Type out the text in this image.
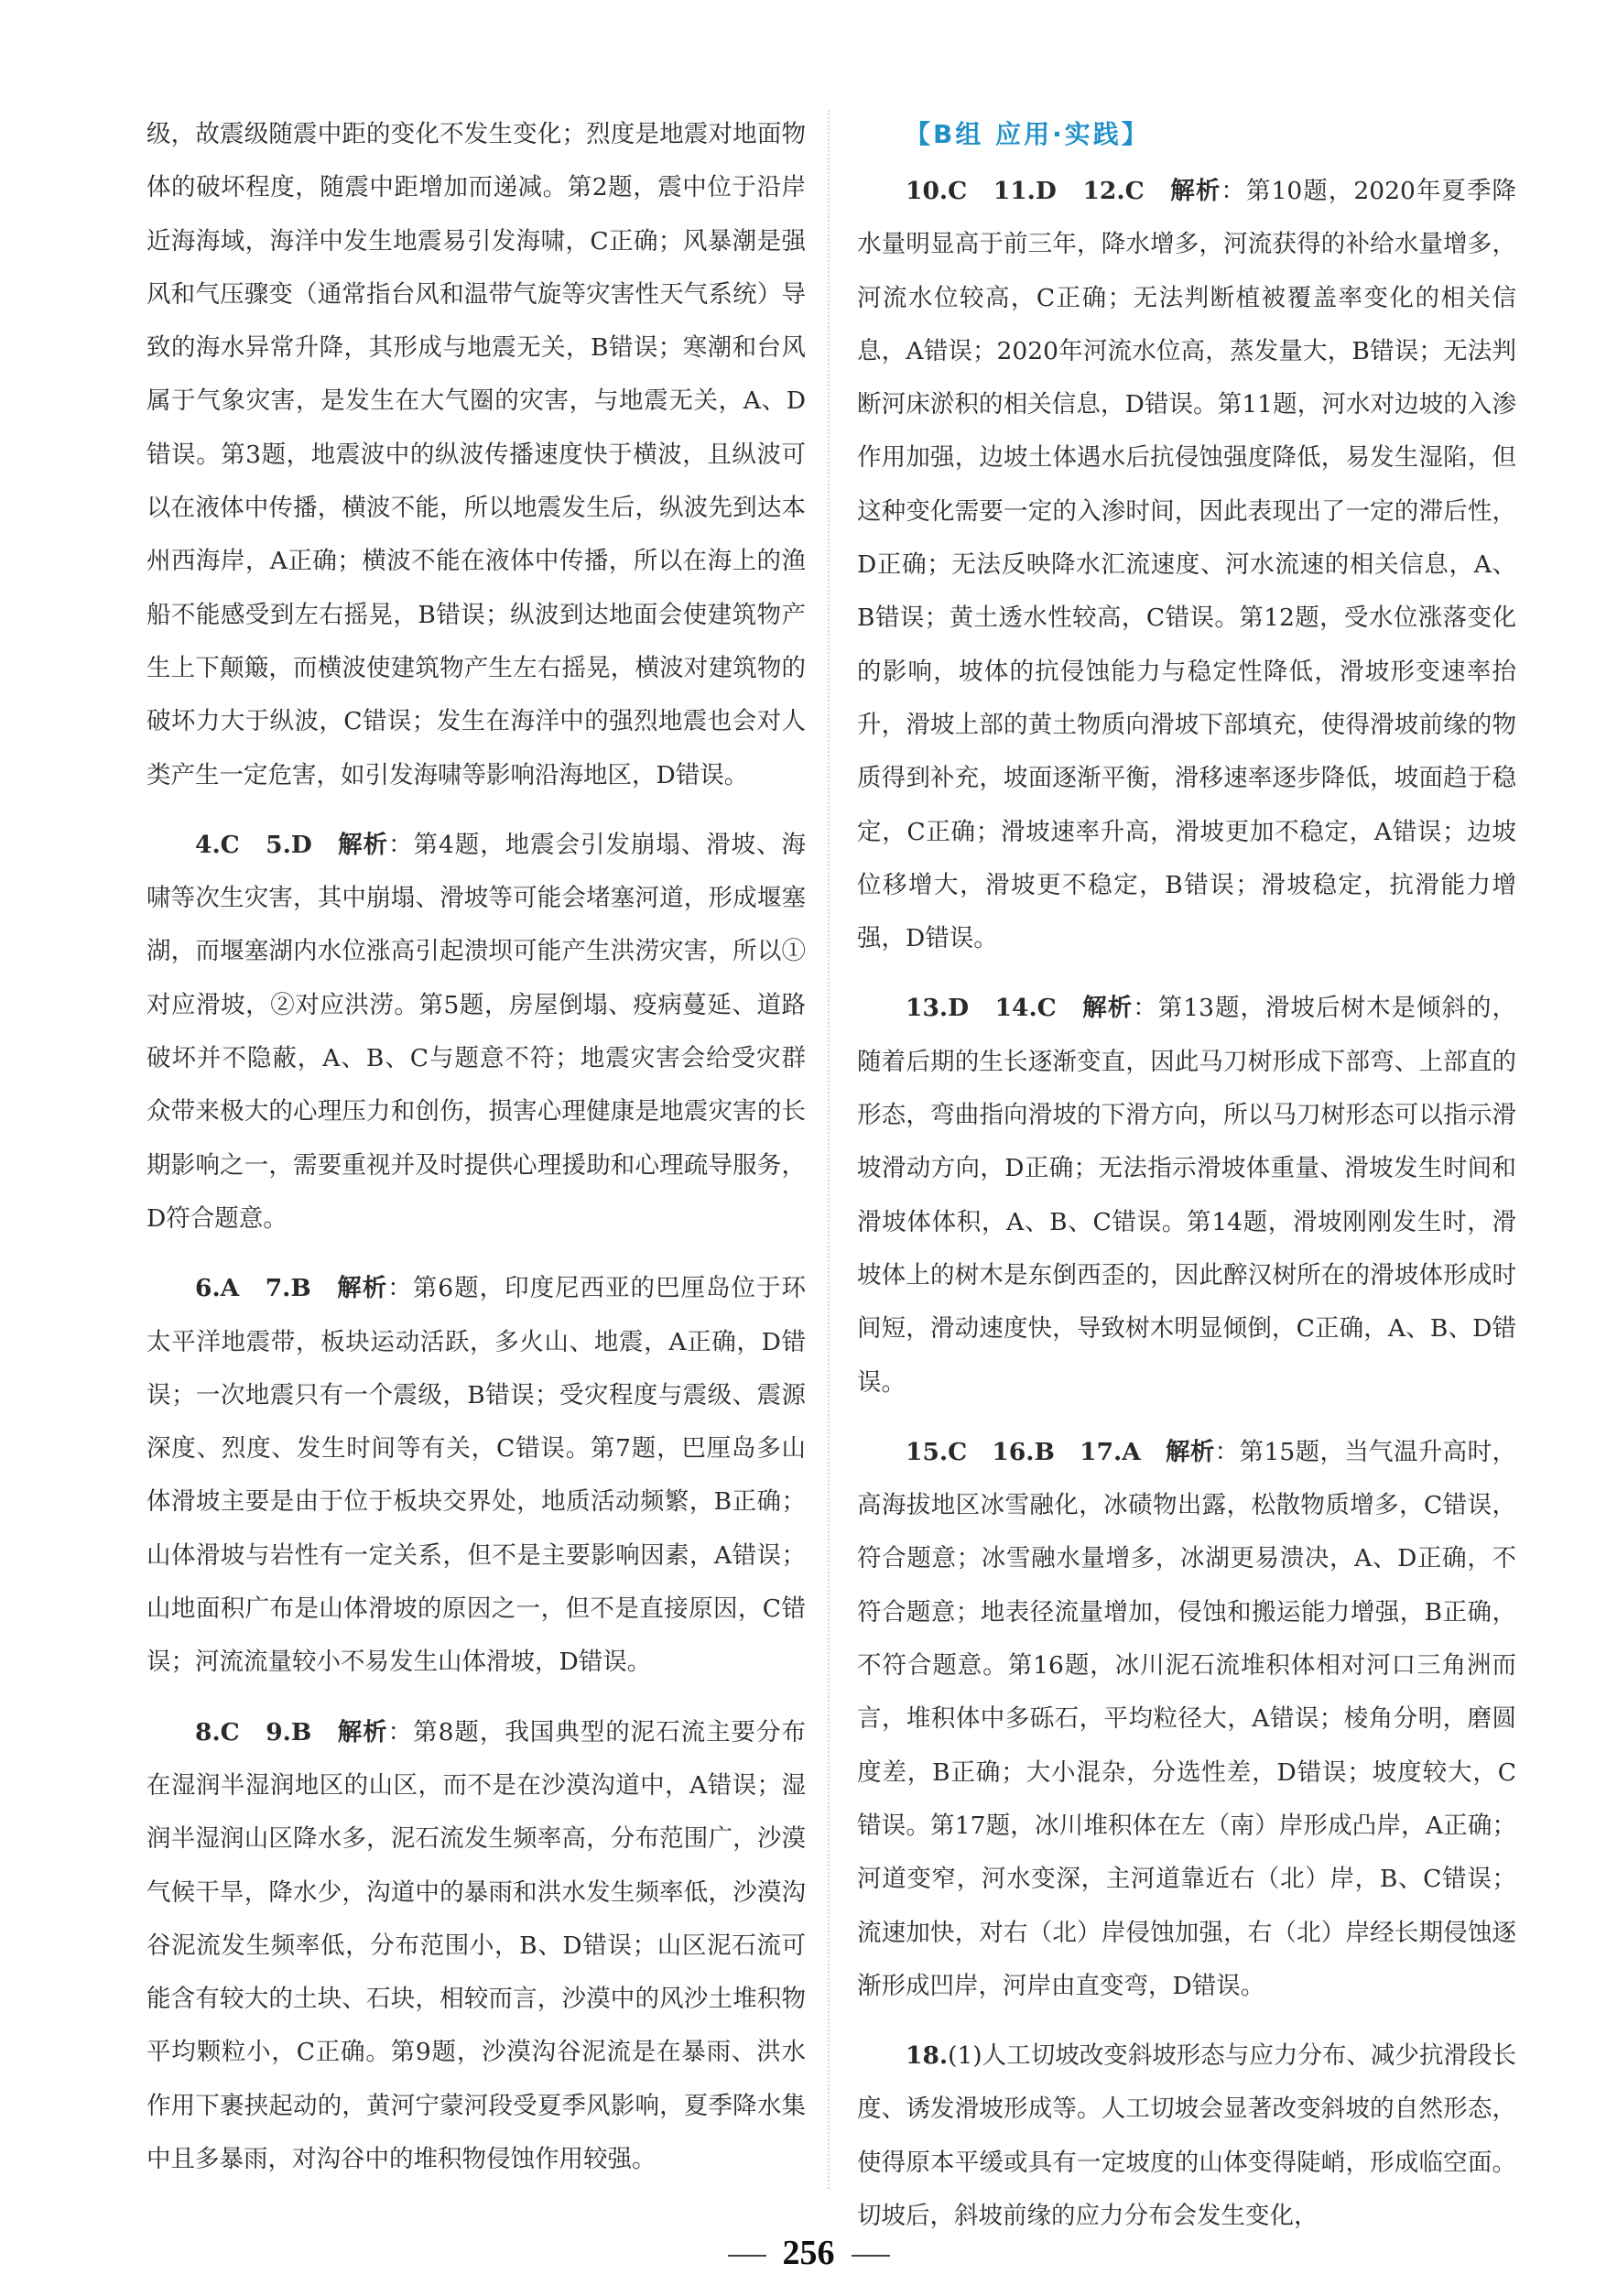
级，故震级随震中距的变化不发生变化；烈度是地震对地面物体的破坏程度，随震中距增加而递减。第2题，震中位于沿岸近海海域，海洋中发生地震易引发海啸，C正确；风暴潮是强风和气压骤变（通常指台风和温带气旋等灾害性天气系统）导致的海水异常升降，其形成与地震无关，B错误；寒潮和台风属于气象灾害，是发生在大气圈的灾害，与地震无关，A、D错误。第3题，地震波中的纵波传播速度快于横波，且纵波可以在液体中传播，横波不能，所以地震发生后，纵波先到达本州西海岸，A正确；横波不能在液体中传播，所以在海上的渔船不能感受到左右摇晃，B错误；纵波到达地面会使建筑物产生上下颠簸，而横波使建筑物产生左右摇晃，横波对建筑物的破坏力大于纵波，C错误；发生在海洋中的强烈地震也会对人类产生一定危害，如引发海啸等影响沿海地区，D错误。

4.C　5.D　解析：第4题，地震会引发崩塌、滑坡、海啸等次生灾害，其中崩塌、滑坡等可能会堵塞河道，形成堰塞湖，而堰塞湖内水位涨高引起溃坝可能产生洪涝灾害，所以①对应滑坡，②对应洪涝。第5题，房屋倒塌、疫病蔓延、道路破坏并不隐蔽，A、B、C与题意不符；地震灾害会给受灾群众带来极大的心理压力和创伤，损害心理健康是地震灾害的长期影响之一，需要重视并及时提供心理援助和心理疏导服务，D符合题意。

6.A　7.B　解析：第6题，印度尼西亚的巴厘岛位于环太平洋地震带，板块运动活跃，多火山、地震，A正确，D错误；一次地震只有一个震级，B错误；受灾程度与震级、震源深度、烈度、发生时间等有关，C错误。第7题，巴厘岛多山体滑坡主要是由于位于板块交界处，地质活动频繁，B正确；山体滑坡与岩性有一定关系，但不是主要影响因素，A错误；山地面积广布是山体滑坡的原因之一，但不是直接原因，C错误；河流流量较小不易发生山体滑坡，D错误。

8.C　9.B　解析：第8题，我国典型的泥石流主要分布在湿润半湿润地区的山区，而不是在沙漠沟道中，A错误；湿润半湿润山区降水多，泥石流发生频率高，分布范围广，沙漠气候干旱，降水少，沟道中的暴雨和洪水发生频率低，沙漠沟谷泥流发生频率低，分布范围小，B、D错误；山区泥石流可能含有较大的土块、石块，相较而言，沙漠中的风沙土堆积物平均颗粒小，C正确。第9题，沙漠沟谷泥流是在暴雨、洪水作用下裹挟起动的，黄河宁蒙河段受夏季风影响，夏季降水集中且多暴雨，对沟谷中的堆积物侵蚀作用较强。

【B组 应用·实践】

10.C　11.D　12.C　解析：第10题，2020年夏季降水量明显高于前三年，降水增多，河流获得的补给水量增多，河流水位较高，C正确；无法判断植被覆盖率变化的相关信息，A错误；2020年河流水位高，蒸发量大，B错误；无法判断河床淤积的相关信息，D错误。第11题，河水对边坡的入渗作用加强，边坡土体遇水后抗侵蚀强度降低，易发生湿陷，但这种变化需要一定的入渗时间，因此表现出了一定的滞后性，D正确；无法反映降水汇流速度、河水流速的相关信息，A、B错误；黄土透水性较高，C错误。第12题，受水位涨落变化的影响，坡体的抗侵蚀能力与稳定性降低，滑坡形变速率抬升，滑坡上部的黄土物质向滑坡下部填充，使得滑坡前缘的物质得到补充，坡面逐渐平衡，滑移速率逐步降低，坡面趋于稳定，C正确；滑坡速率升高，滑坡更加不稳定，A错误；边坡位移增大，滑坡更不稳定，B错误；滑坡稳定，抗滑能力增强，D错误。

13.D　14.C　解析：第13题，滑坡后树木是倾斜的，随着后期的生长逐渐变直，因此马刀树形成下部弯、上部直的形态，弯曲指向滑坡的下滑方向，所以马刀树形态可以指示滑坡滑动方向，D正确；无法指示滑坡体重量、滑坡发生时间和滑坡体体积，A、B、C错误。第14题，滑坡刚刚发生时，滑坡体上的树木是东倒西歪的，因此醉汉树所在的滑坡体形成时间短，滑动速度快，导致树木明显倾倒，C正确，A、B、D错误。

15.C　16.B　17.A　解析：第15题，当气温升高时，高海拔地区冰雪融化，冰碛物出露，松散物质增多，C错误，符合题意；冰雪融水量增多，冰湖更易溃决，A、D正确，不符合题意；地表径流量增加，侵蚀和搬运能力增强，B正确，不符合题意。第16题，冰川泥石流堆积体相对河口三角洲而言，堆积体中多砾石，平均粒径大，A错误；棱角分明，磨圆度差，B正确；大小混杂，分选性差，D错误；坡度较大，C错误。第17题，冰川堆积体在左（南）岸形成凸岸，A正确；河道变窄，河水变深，主河道靠近右（北）岸，B、C错误；流速加快，对右（北）岸侵蚀加强，右（北）岸经长期侵蚀逐渐形成凹岸，河岸由直变弯，D错误。

18.(1)人工切坡改变斜坡形态与应力分布、减少抗滑段长度、诱发滑坡形成等。人工切坡会显著改变斜坡的自然形态，使得原本平缓或具有一定坡度的山体变得陡峭，形成临空面。切坡后，斜坡前缘的应力分布会发生变化，

256
